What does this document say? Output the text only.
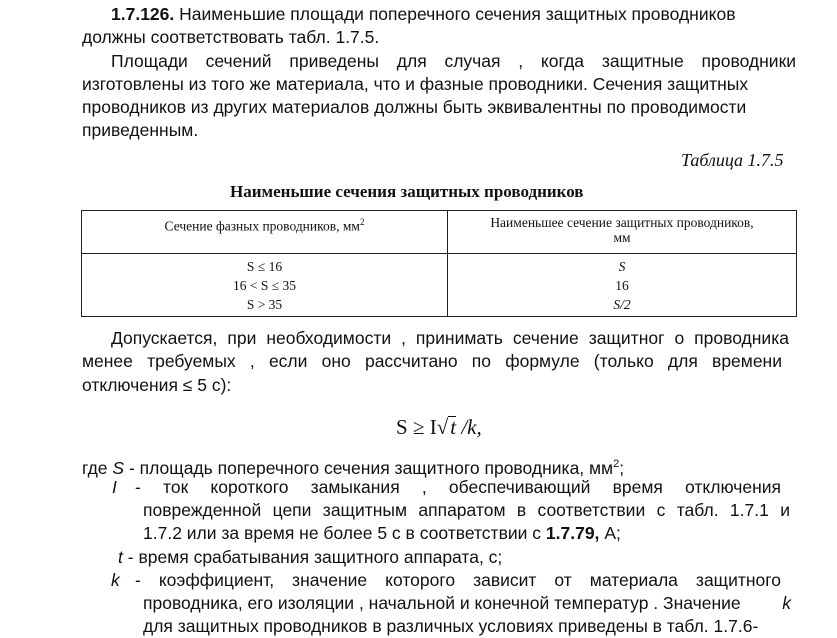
1.7.126. Наименьшие площади поперечного сечения защитных проводников
должны соответствовать табл. 1.7.5.
Площади сечений приведены для случая , когда защитные проводники
изготовлены из того же материала, что и фазные проводники. Сечения защитных
проводников из других материалов должны быть эквивалентны по проводимости
приведенным.
Таблица 1.7.5
Наименьшие сечения защитных проводников
Сечение фазных проводников, $мм^2$	Наименьшее сечение защитных проводников,
мм

S ≤ 16	S
16 < S ≤ 35	16
S > 35	S/2
Допускается, при необходимости , принимать сечение защитног о проводника
менее требуемых , если оно рассчитано по формуле (только для времени
отключения ≤ 5 с):
S ≥ I√t /k,
где S - площадь поперечного сечения защитного проводника, $мм^2$;
I - ток короткого замыкания , обеспечивающий время отключения
поврежденной цепи защитным аппаратом в соответствии с табл. 1.7.1 и
1.7.2 или за время не более 5 с в соответствии с 1.7.79, А;
t - время срабатывания защитного аппарата, с;
k - коэффициент, значение которого зависит от материала защитного
проводника, его изоляции , начальной и конечной температур . Значение k
для защитных проводников в различных условиях приведены в табл. 1.7.6-
